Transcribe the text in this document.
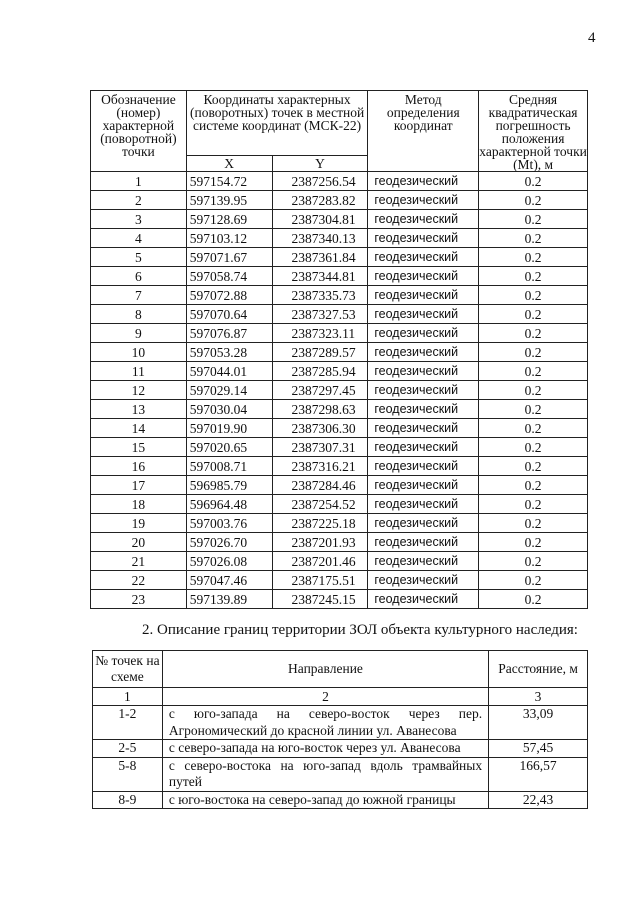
4
Обозначение (номер) характерной (поворотной) точки	Координаты характерных (поворотных) точек в местной системе координат (МСК-22)		Метод определения координат	Средняя квадратическая погрешность положения характерной точки (Mt), м
	X	Y		
1	597154.72	2387256.54	геодезический	0.2
2	597139.95	2387283.82	геодезический	0.2
3	597128.69	2387304.81	геодезический	0.2
4	597103.12	2387340.13	геодезический	0.2
5	597071.67	2387361.84	геодезический	0.2
6	597058.74	2387344.81	геодезический	0.2
7	597072.88	2387335.73	геодезический	0.2
8	597070.64	2387327.53	геодезический	0.2
9	597076.87	2387323.11	геодезический	0.2
10	597053.28	2387289.57	геодезический	0.2
11	597044.01	2387285.94	геодезический	0.2
12	597029.14	2387297.45	геодезический	0.2
13	597030.04	2387298.63	геодезический	0.2
14	597019.90	2387306.30	геодезический	0.2
15	597020.65	2387307.31	геодезический	0.2
16	597008.71	2387316.21	геодезический	0.2
17	596985.79	2387284.46	геодезический	0.2
18	596964.48	2387254.52	геодезический	0.2
19	597003.76	2387225.18	геодезический	0.2
20	597026.70	2387201.93	геодезический	0.2
21	597026.08	2387201.46	геодезический	0.2
22	597047.46	2387175.51	геодезический	0.2
23	597139.89	2387245.15	геодезический	0.2
2. Описание границ территории ЗОЛ объекта культурного наследия:
№ точек на схеме	Направление	Расстояние, м
1	2	3
1-2	с юго-запада на северо-восток через пер. Агрономический до красной линии ул. Аванесова	33,09
2-5	с северо-запада на юго-восток через ул. Аванесова	57,45
5-8	с северо-востока на юго-запад вдоль трамвайных путей	166,57
8-9	с юго-востока на северо-запад до южной границы	22,43
